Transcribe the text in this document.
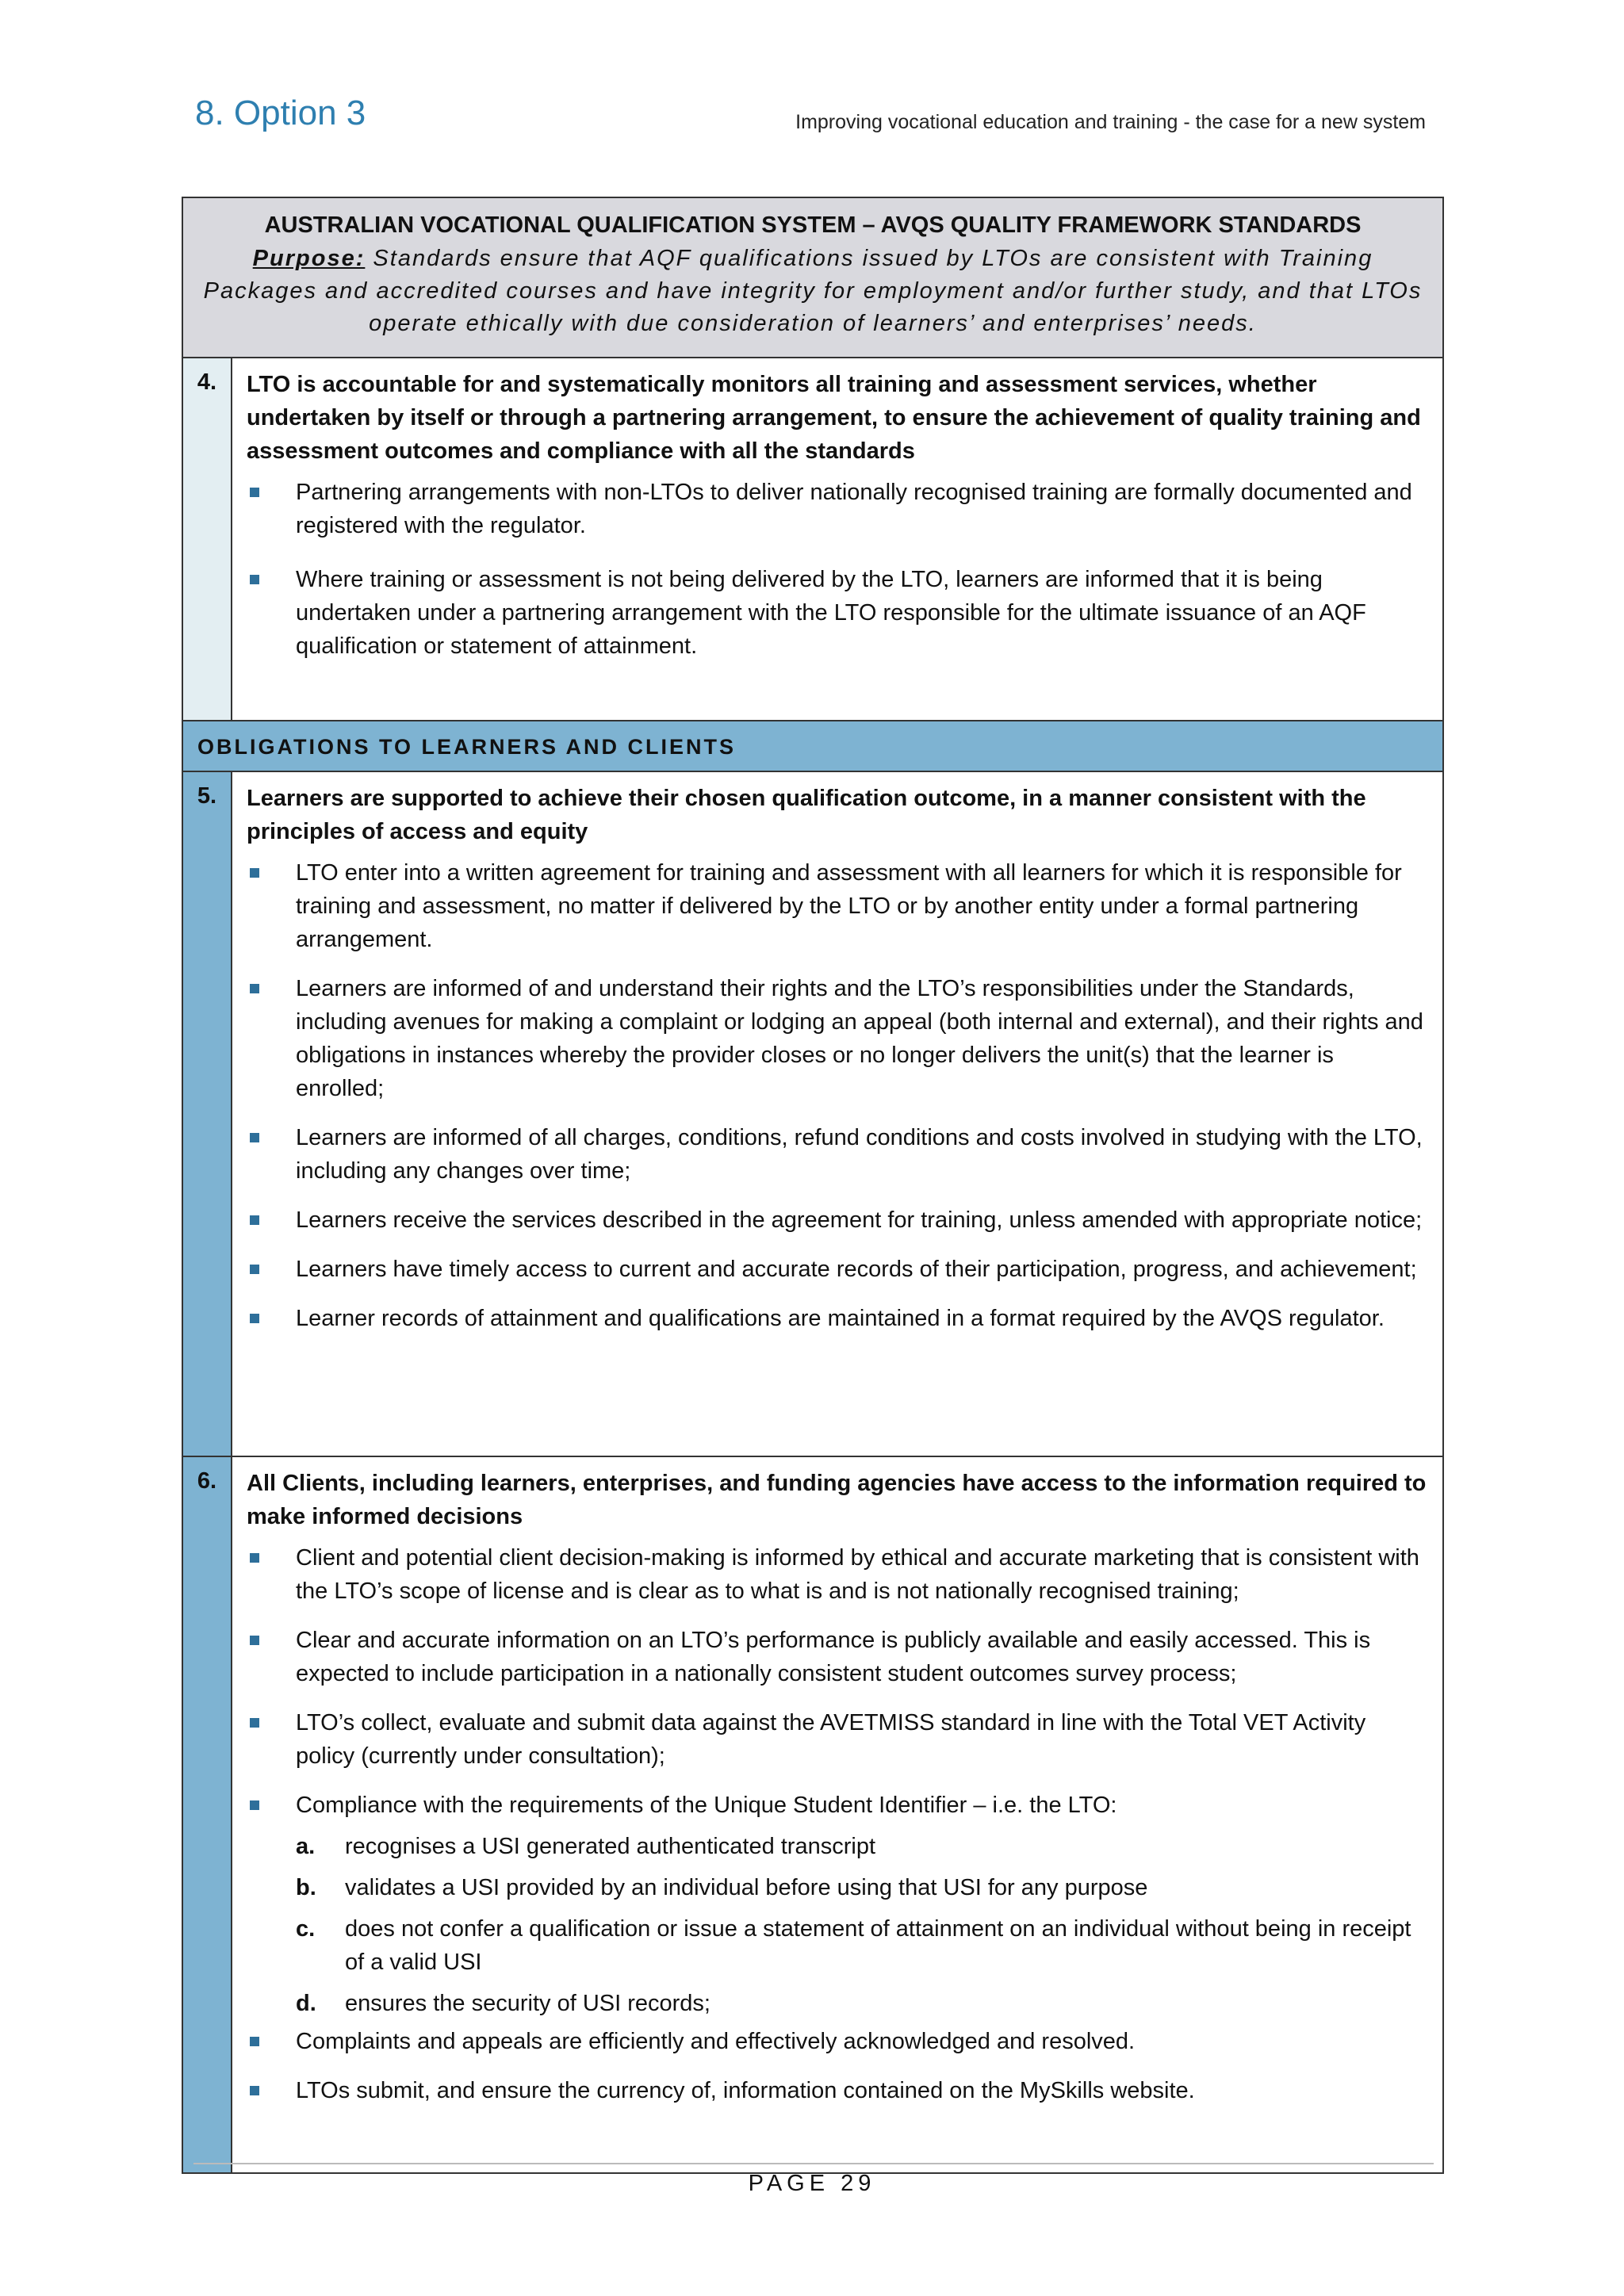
8. Option 3	Improving vocational education and training - the case for a new system
AUSTRALIAN VOCATIONAL QUALIFICATION SYSTEM – AVQS QUALITY FRAMEWORK STANDARDS
Purpose: Standards ensure that AQF qualifications issued by LTOs are consistent with Training Packages and accredited courses and have integrity for employment and/or further study, and that LTOs operate ethically with due consideration of learners’ and enterprises’ needs.
4.	LTO is accountable for and systematically monitors all training and assessment services, whether undertaken by itself or through a partnering arrangement, to ensure the achievement of quality training and assessment outcomes and compliance with all the standards
Partnering arrangements with non-LTOs to deliver nationally recognised training are formally documented and registered with the regulator.
Where training or assessment is not being delivered by the LTO, learners are informed that it is being undertaken under a partnering arrangement with the LTO responsible for the ultimate issuance of an AQF qualification or statement of attainment.
OBLIGATIONS TO LEARNERS AND CLIENTS
5.	Learners are supported to achieve their chosen qualification outcome, in a manner consistent with the principles of access and equity
LTO enter into a written agreement for training and assessment with all learners for which it is responsible for training and assessment, no matter if delivered by the LTO or by another entity under a formal partnering arrangement.
Learners are informed of and understand their rights and the LTO’s responsibilities under the Standards, including avenues for making a complaint or lodging an appeal (both internal and external), and their rights and obligations in instances whereby the provider closes or no longer delivers the unit(s) that the learner is enrolled;
Learners are informed of all charges, conditions, refund conditions and costs involved in studying with the LTO, including any changes over time;
Learners receive the services described in the agreement for training, unless amended with appropriate notice;
Learners have timely access to current and accurate records of their participation, progress, and achievement;
Learner records of attainment and qualifications are maintained in a format required by the AVQS regulator.
6.	All Clients, including learners, enterprises, and funding agencies have access to the information required to make informed decisions
Client and potential client decision-making is informed by ethical and accurate marketing that is consistent with the LTO’s scope of license and is clear as to what is and is not nationally recognised training;
Clear and accurate information on an LTO’s performance is publicly available and easily accessed. This is expected to include participation in a nationally consistent student outcomes survey process;
LTO’s collect, evaluate and submit data against the AVETMISS standard in line with the Total VET Activity policy (currently under consultation);
Compliance with the requirements of the Unique Student Identifier – i.e. the LTO:
a. recognises a USI generated authenticated transcript
b. validates a USI provided by an individual before using that USI for any purpose
c. does not confer a qualification or issue a statement of attainment on an individual without being in receipt of a valid USI
d. ensures the security of USI records;
Complaints and appeals are efficiently and effectively acknowledged and resolved.
LTOs submit, and ensure the currency of, information contained on the MySkills website.
PAGE 29
